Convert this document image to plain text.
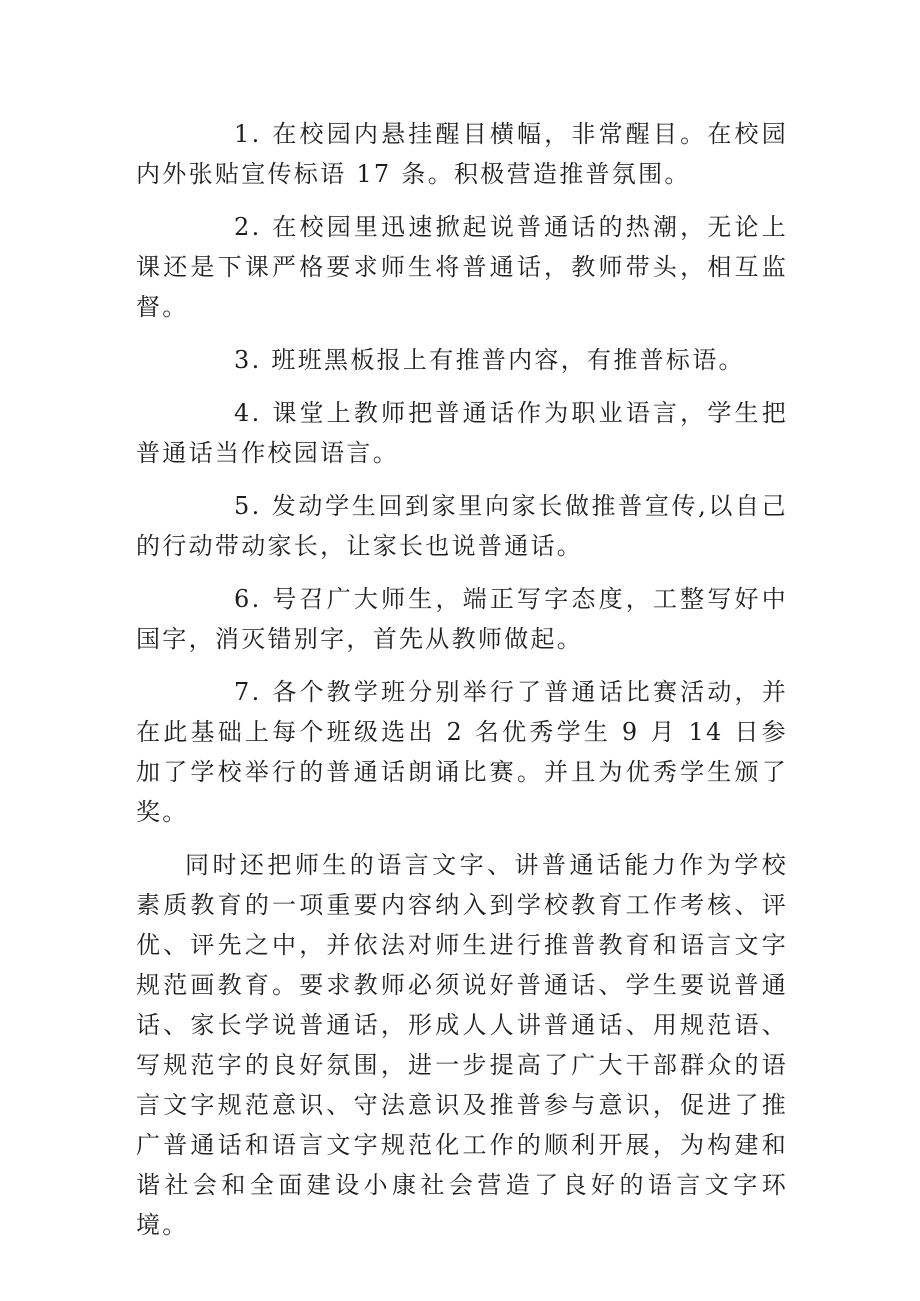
1. 在校园内悬挂醒目横幅，非常醒目。在校园内外张贴宣传标语 17 条。积极营造推普氛围。

2. 在校园里迅速掀起说普通话的热潮，无论上课还是下课严格要求师生将普通话，教师带头，相互监督。

3. 班班黑板报上有推普内容，有推普标语。

4. 课堂上教师把普通话作为职业语言，学生把普通话当作校园语言。

5. 发动学生回到家里向家长做推普宣传,以自己的行动带动家长，让家长也说普通话。

6. 号召广大师生，端正写字态度，工整写好中国字，消灭错别字，首先从教师做起。

7. 各个教学班分别举行了普通话比赛活动，并在此基础上每个班级选出 2 名优秀学生 9 月 14 日参加了学校举行的普通话朗诵比赛。并且为优秀学生颁了奖。

同时还把师生的语言文字、讲普通话能力作为学校素质教育的一项重要内容纳入到学校教育工作考核、评优、评先之中，并依法对师生进行推普教育和语言文字规范画教育。要求教师必须说好普通话、学生要说普通话、家长学说普通话，形成人人讲普通话、用规范语、写规范字的良好氛围，进一步提高了广大干部群众的语言文字规范意识、守法意识及推普参与意识，促进了推广普通话和语言文字规范化工作的顺利开展，为构建和谐社会和全面建设小康社会营造了良好的语言文字环境。
